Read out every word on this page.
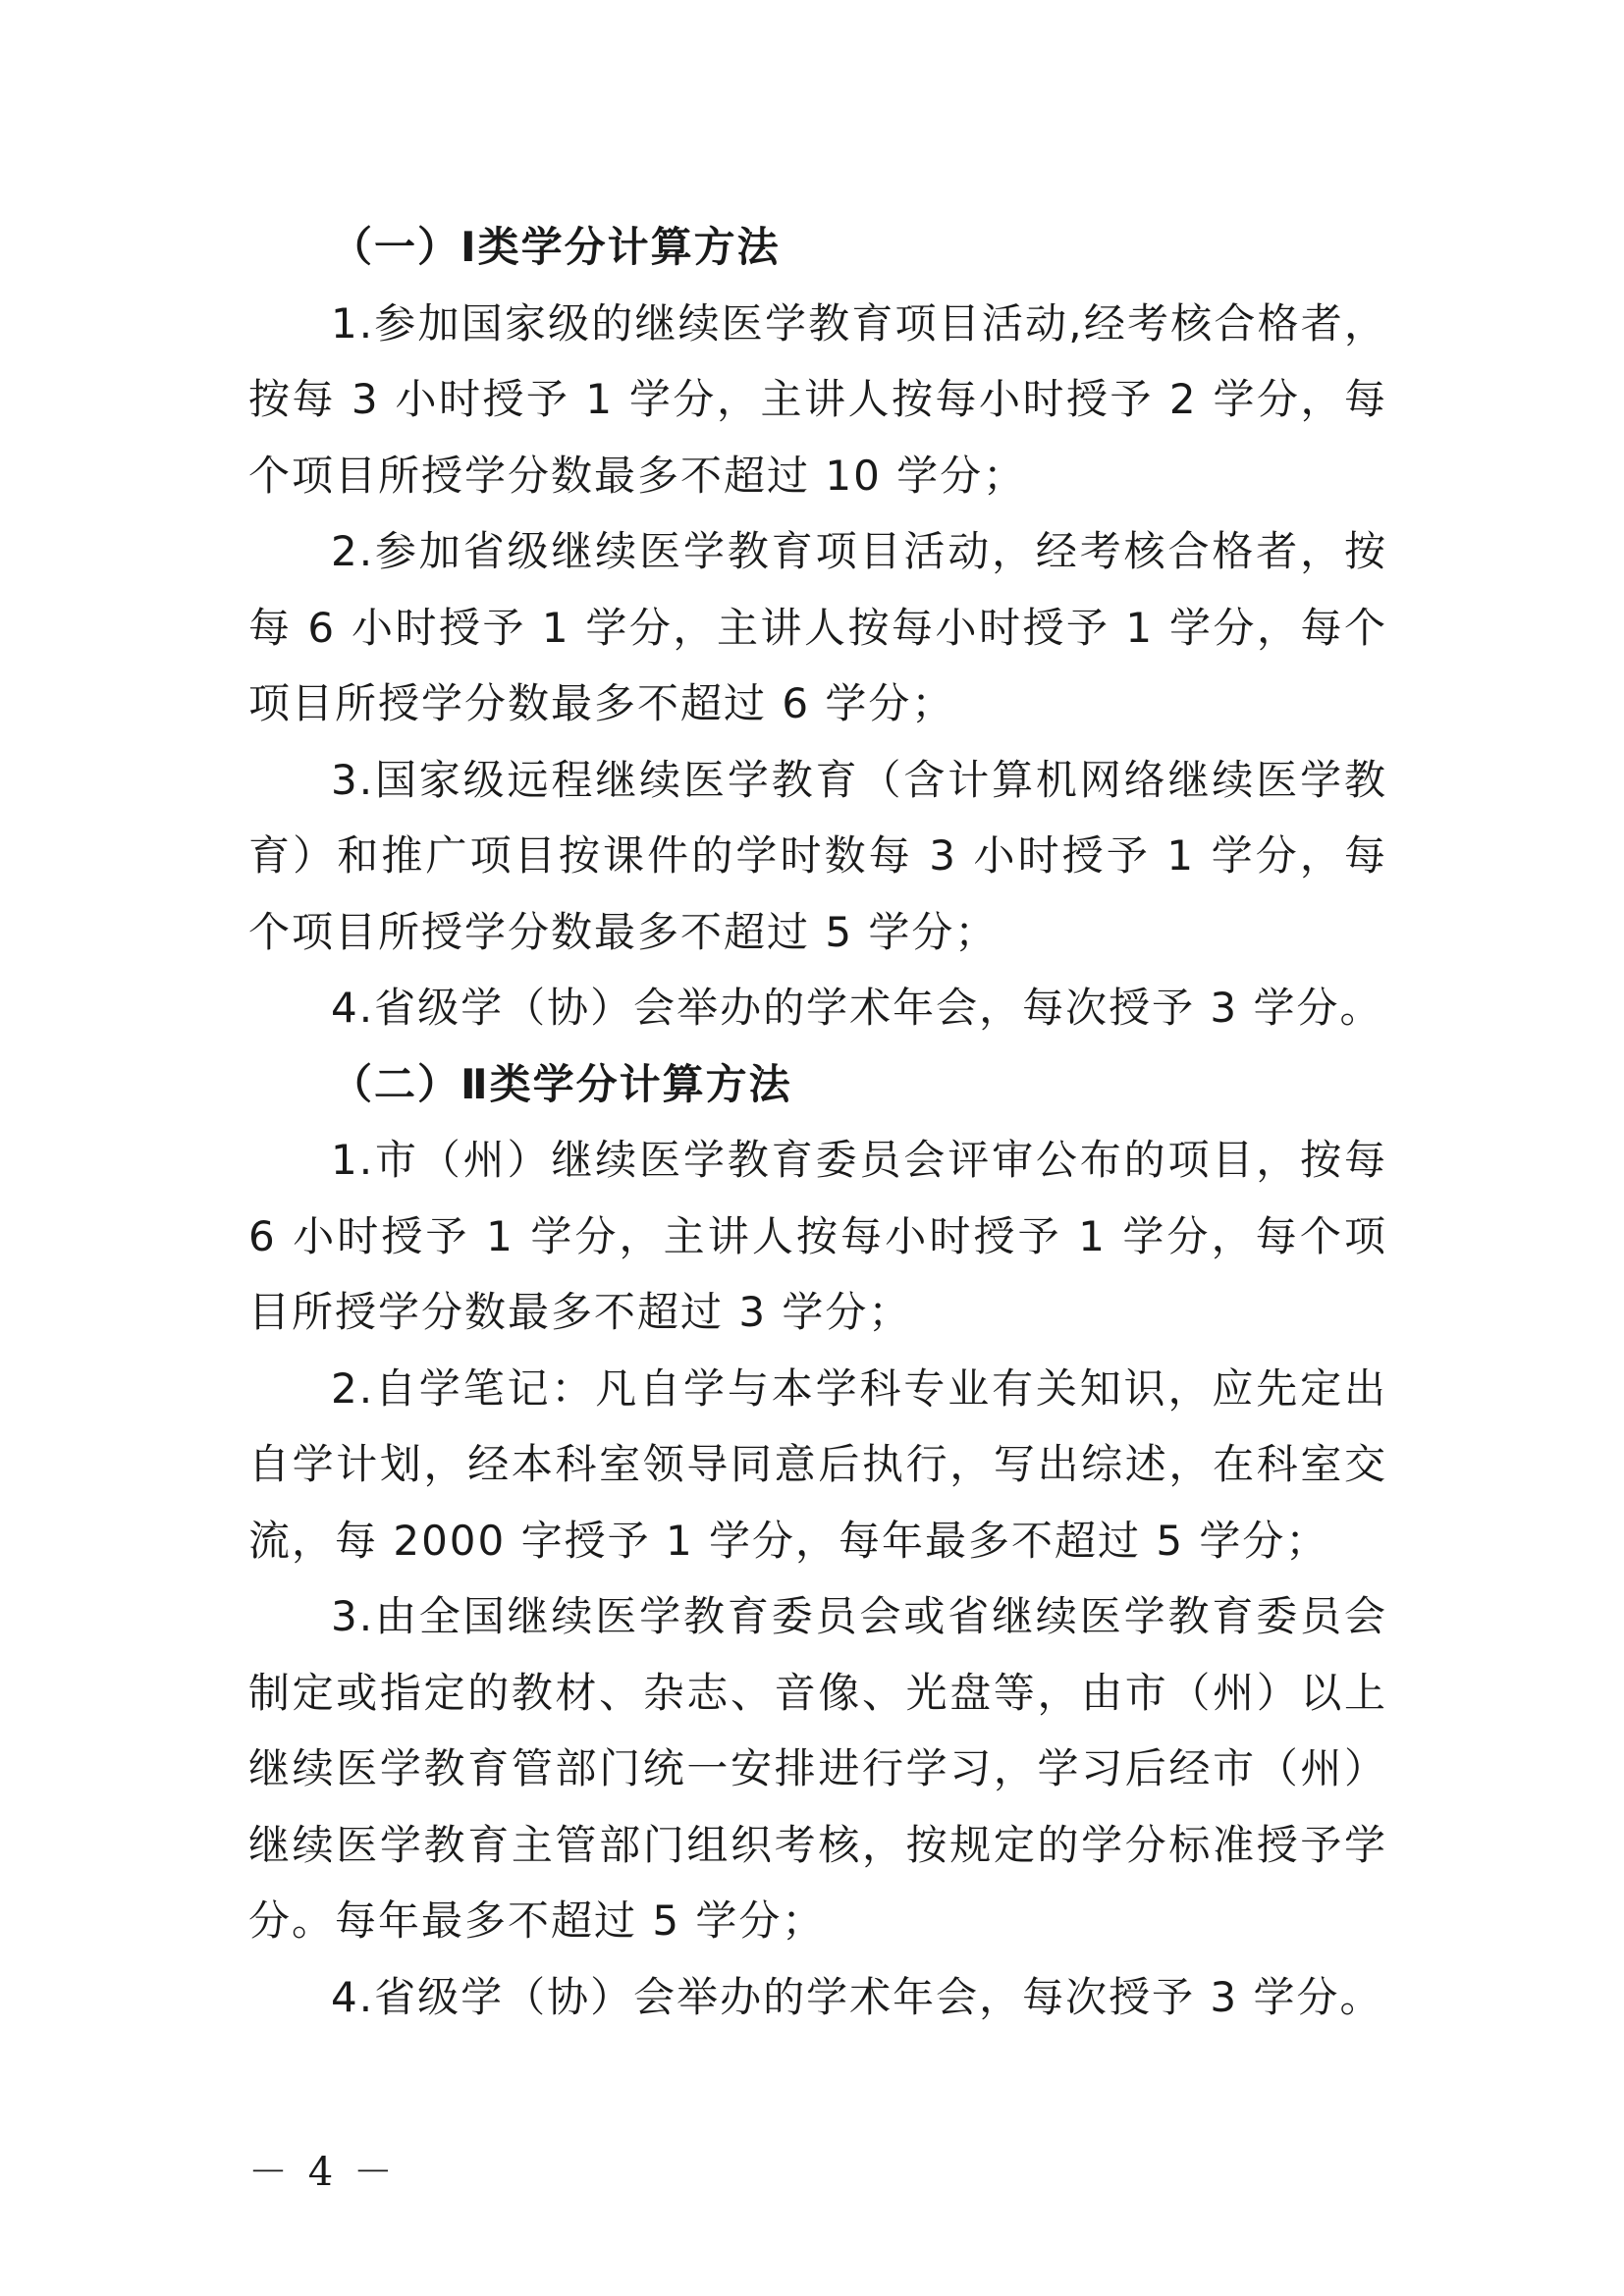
（一）Ⅰ类学分计算方法

1.参加国家级的继续医学教育项目活动,经考核合格者，按每 3 小时授予 1 学分，主讲人按每小时授予 2 学分，每个项目所授学分数最多不超过 10 学分；

2.参加省级继续医学教育项目活动，经考核合格者，按每 6 小时授予 1 学分，主讲人按每小时授予 1 学分，每个项目所授学分数最多不超过 6 学分；

3.国家级远程继续医学教育（含计算机网络继续医学教育）和推广项目按课件的学时数每 3 小时授予 1 学分，每个项目所授学分数最多不超过 5 学分；

4.省级学（协）会举办的学术年会，每次授予 3 学分。

（二）Ⅱ类学分计算方法

1.市（州）继续医学教育委员会评审公布的项目，按每 6 小时授予 1 学分，主讲人按每小时授予 1 学分，每个项目所授学分数最多不超过 3 学分；

2.自学笔记：凡自学与本学科专业有关知识，应先定出自学计划，经本科室领导同意后执行，写出综述，在科室交流，每 2000 字授予 1 学分，每年最多不超过 5 学分；

3.由全国继续医学教育委员会或省继续医学教育委员会制定或指定的教材、杂志、音像、光盘等，由市（州）以上继续医学教育管部门统一安排进行学习，学习后经市（州）继续医学教育主管部门组织考核，按规定的学分标准授予学分。每年最多不超过 5 学分；

4.省级学（协）会举办的学术年会，每次授予 3 学分。

－ 4 －
